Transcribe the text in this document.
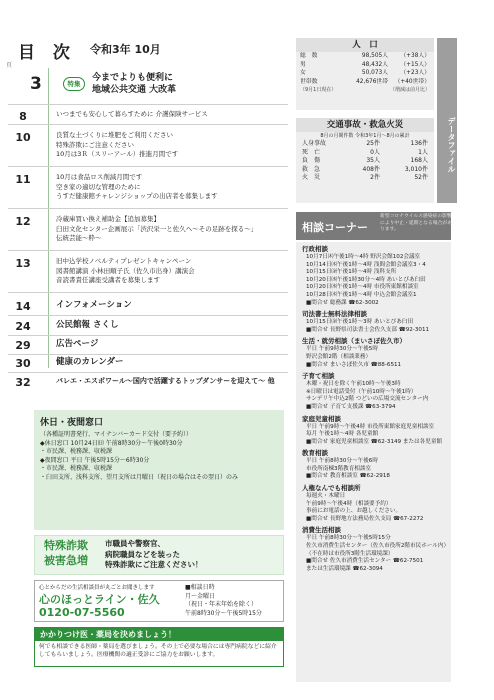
目 次 令和3年 10月
頁
3	特集
今までよりも便利に
地域公共交通 大改革
8	いつまでも安心して暮らすために 介護保険サービス
10	良質な土づくりに堆肥をご利用ください
特殊詐欺にご注意ください
10月は3Ｒ（スリーアール）推進月間です
11	10月は食品ロス削減月間です
空き家の適切な管理のために
うすだ健康館チャレンジショップの出店者を募集します
12	冷蔵庫買い換え補助金【追加募集】
臼田文化センター企画展示「渋沢栄一と佐久へ～その足跡を探る～」
伝統芸能～粋～
13	旧中込学校ノベルティプレゼントキャンペーン
図書館講演 小林田順子氏（佐久市出身）講演会
音読書責任講座受講者を募集します
14	インフォメーション
24	公民館報 さくし
29	広告ページ
30	健康のカレンダー
32	バレエ・エスポワール～国内で活躍するトップダンサーを迎えて～ 他
休日・夜間窓口
（各種証明書発行、マイナンバーカード交付（要予約））
◆休日窓口 10月24日㈰ 午前8時30分～午後0時30分
・市民課、税務課、収税課
◆夜間窓口 平日 午後5時15分～6時30分
・市民課、税務課、収税課
・臼田支所、浅科支所、望月支所は月曜日（祝日の場合はその翌日）のみ
特殊詐欺
被害急増
市職員や警察官、
病院職員などを装った
特殊詐欺にご注意ください！
心とからだの生活相談員が丸ごとお聞きします
心のほっとライン・佐久
0120-07-5560
■相談日時
月～金曜日
（祝日・年末年始を除く）
午前8時30分～午後5時15分
かかりつけ医・薬局を決めましょう！
何でも相談できる医師・薬局を選びましょう。その上で必要な場合には専門病院などに紹介してもらいましょう。医療機関の適正受診にご協力をお願いします。
人　口
総　数	98,505人	（+38人）
男	48,432人	（+15人）
女	50,073人	（+23人）
世帯数	42,676世帯	（+40世帯）
（9月1日現在）	（増減は前月比）
交通事故・救急火災
8月の月間件数 令和3年1月～8月の累計
人身事故	25件	136件
死　亡	0人	1人
負　傷	35人	168人
救　急	408件	3,010件
火　災	2件	52件
データファイル
相談コーナー
新型コロナウイルス感染症の影響により中止・延期となる場合があります。
行政相談
10月7日㈭午後1時～4時 野沢会館102会議室
10月14日㈭午後1時～4時 浅間会館会議室3・4
10月15日㈮午後1時～4時 浅科支所
10月20日㈬午後1時30分～4時 あいとぴあ臼田
10月20日㈬午後1時～4時 市役所東館相談室
10月28日㈭午後1時～4時 中込会館会議室1
■問合せ 総務課 ☎62-3002
司法書士無料法律相談
10月15日㈮午後1時～3時 あいとぴあ臼田
■問合せ 長野県司法書士会佐久支部 ☎92-3011
生活・就労相談（まいさぽ佐久市）
平日 午前9時30分～午後5時
野沢会館2階（相談業務）
■問合せ まいさぽ佐久市 ☎88-6511
子育て相談
木曜・祝日を除く午前10時～午後3時
※日曜日は電話受付（午前10時～午後1時）
サンデリ午中込2階 つどいの広場交流センター内
■問合せ 子育て支援課 ☎63-3794
家庭児童相談
平日 午前9時～午後4時 市役所東館家庭児童相談室
毎月 午後1時～4時 各児童館
■問合せ 家庭児童相談室 ☎62-3149 または各児童館
教育相談
平日 午前8時30分～午後6時
市役所南棟3階教育相談室
■問合せ 教育相談室 ☎62-2918
人権なんでも相談所
毎週火・木曜日
午前9時～午後4時（相談要予約）
事前にお電話の上、お越しください。
■問合せ 長野地方法務局佐久支局 ☎67-2272
消費生活相談
平日 午前8時30分～午後5時15分
佐久市消費生活センター（佐久市役所2階市民ホール内）
（不在時は市役所3階生活環境課）
■問合せ 佐久市消費生活センター ☎62-7501
または生活環境課 ☎62-3094
